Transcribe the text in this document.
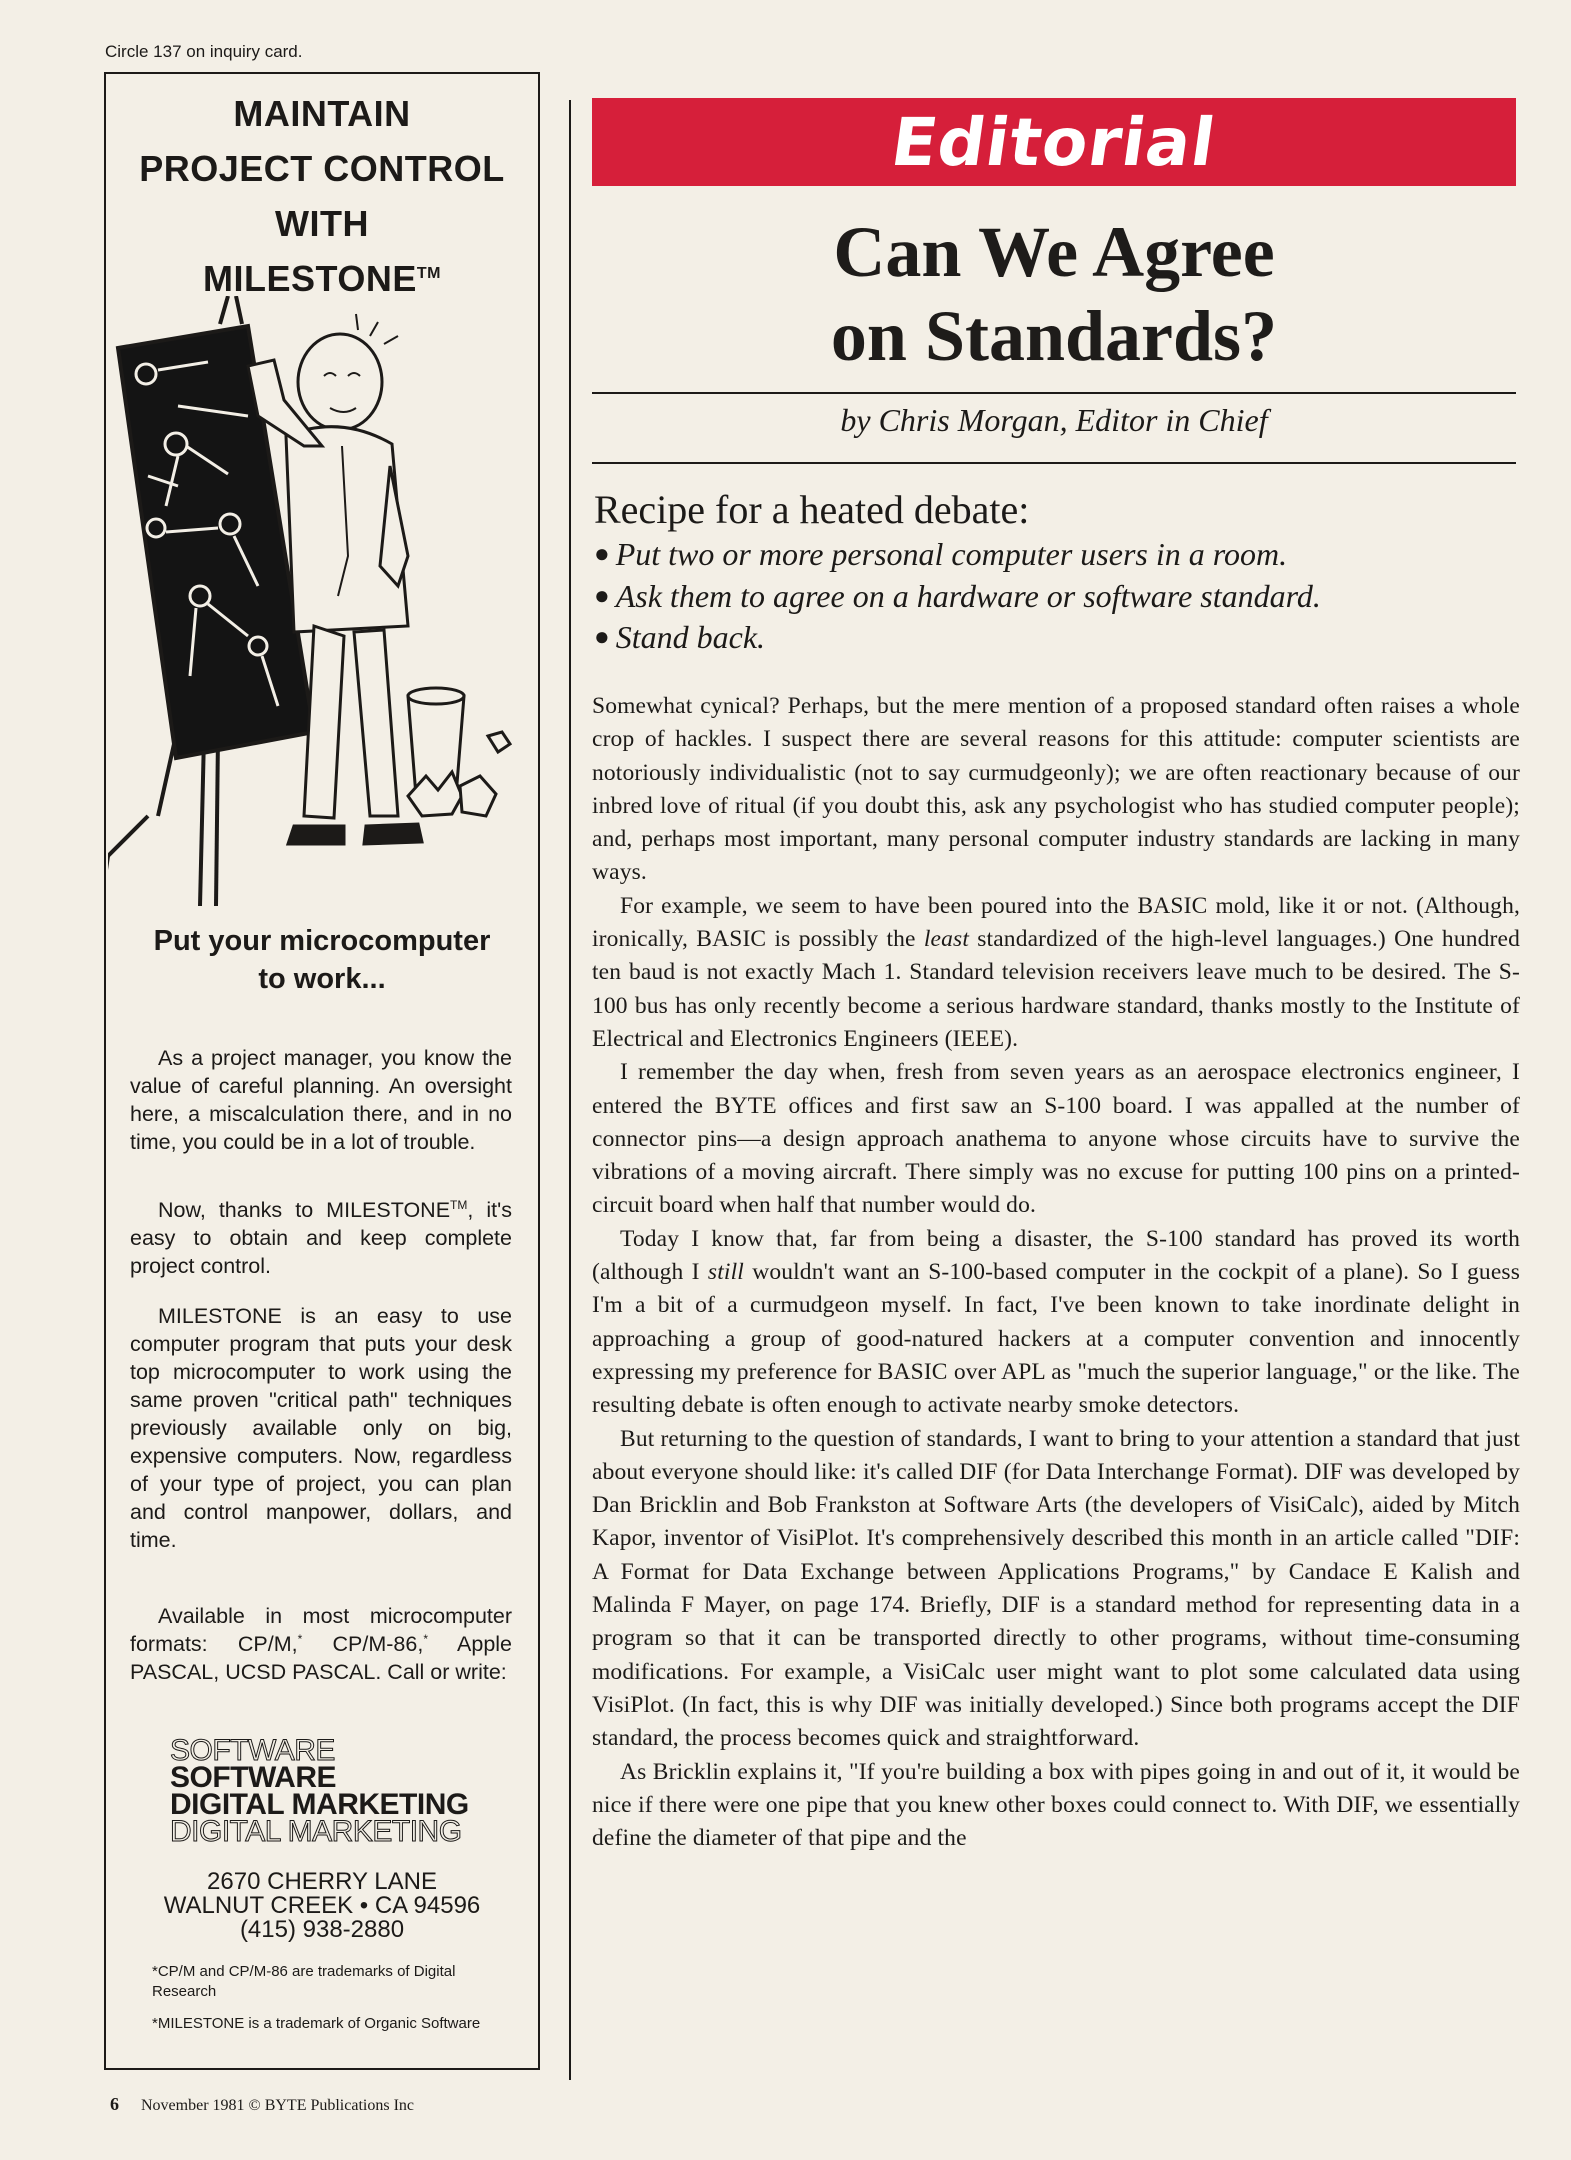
Circle 137 on inquiry card.
MAINTAIN
PROJECT CONTROL
WITH
MILESTONE™
Put your microcomputer
to work...

As a project manager, you know the value of careful planning. An oversight here, a miscalculation there, and in no time, you could be in a lot of trouble.

Now, thanks to MILESTONE™, it's easy to obtain and keep complete project control.

MILESTONE is an easy to use computer program that puts your desk top microcomputer to work using the same proven "critical path" techniques previously available only on big, expensive computers. Now, regardless of your type of project, you can plan and control manpower, dollars, and time.

Available in most microcomputer formats: CP/M,* CP/M-86,* Apple PASCAL, UCSD PASCAL. Call or write:

SOFTWARE
SOFTWARE
DIGITAL MARKETING
DIGITAL MARKETING
2670 CHERRY LANE
WALNUT CREEK • CA 94596
(415) 938-2880

*CP/M and CP/M-86 are trademarks of Digital Research

*MILESTONE is a trademark of Organic Software

Editorial
Can We Agree
on Standards?
by Chris Morgan, Editor in Chief
Recipe for a heated debate:
● Put two or more personal computer users in a room.
● Ask them to agree on a hardware or software standard.
● Stand back.

Somewhat cynical? Perhaps, but the mere mention of a proposed standard often raises a whole crop of hackles. I suspect there are several reasons for this attitude: computer scientists are notoriously individualistic (not to say curmudgeonly); we are often reactionary because of our inbred love of ritual (if you doubt this, ask any psychologist who has studied computer people); and, perhaps most important, many personal computer industry standards are lacking in many ways.

For example, we seem to have been poured into the BASIC mold, like it or not. (Although, ironically, BASIC is possibly the least standardized of the high-level languages.) One hundred ten baud is not exactly Mach 1. Standard television receivers leave much to be desired. The S-100 bus has only recently become a serious hardware standard, thanks mostly to the Institute of Electrical and Electronics Engineers (IEEE).

I remember the day when, fresh from seven years as an aerospace electronics engineer, I entered the BYTE offices and first saw an S-100 board. I was appalled at the number of connector pins—a design approach anathema to anyone whose circuits have to survive the vibrations of a moving aircraft. There simply was no excuse for putting 100 pins on a printed-circuit board when half that number would do.

Today I know that, far from being a disaster, the S-100 standard has proved its worth (although I still wouldn't want an S-100-based computer in the cockpit of a plane). So I guess I'm a bit of a curmudgeon myself. In fact, I've been known to take inordinate delight in approaching a group of good-natured hackers at a computer convention and innocently expressing my preference for BASIC over APL as "much the superior language," or the like. The resulting debate is often enough to activate nearby smoke detectors.

But returning to the question of standards, I want to bring to your attention a standard that just about everyone should like: it's called DIF (for Data Interchange Format). DIF was developed by Dan Bricklin and Bob Frankston at Software Arts (the developers of VisiCalc), aided by Mitch Kapor, inventor of VisiPlot. It's comprehensively described this month in an article called "DIF: A Format for Data Exchange between Applications Programs," by Candace E Kalish and Malinda F Mayer, on page 174. Briefly, DIF is a standard method for representing data in a program so that it can be transported directly to other programs, without time-consuming modifications. For example, a VisiCalc user might want to plot some calculated data using VisiPlot. (In fact, this is why DIF was initially developed.) Since both programs accept the DIF standard, the process becomes quick and straightforward.

As Bricklin explains it, "If you're building a box with pipes going in and out of it, it would be nice if there were one pipe that you knew other boxes could connect to. With DIF, we essentially define the diameter of that pipe and the

6 November 1981 © BYTE Publications Inc
